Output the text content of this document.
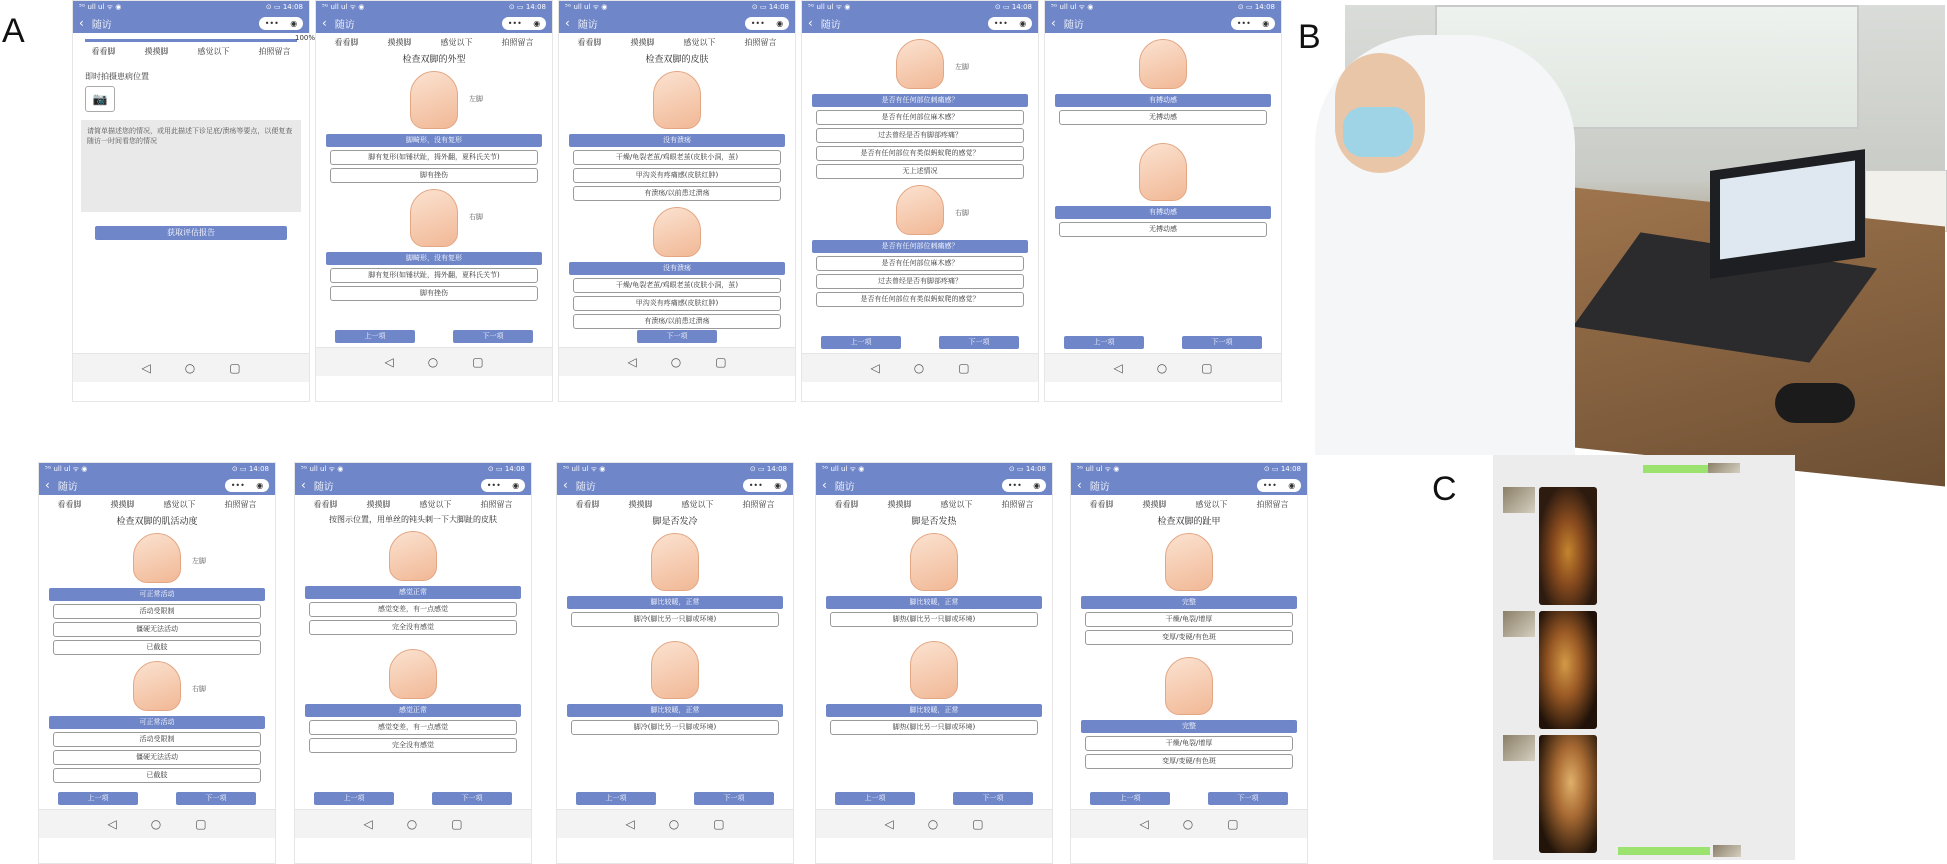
A	B
C
⁵ᴳ ull ul ᯤ ◉	⊙ ▭ 14:08
‹ 随访	••• ◉
100%
看看脚	摸摸脚	感觉以下	拍照留言
即时拍摄患病位置
📷
请简单描述您的情况，或用此描述下诊足底/溃疡等要点，以便复查随访一时间看您的情况
获取评估报告
◁	○	▢
⁵ᴳ ull ul ᯤ ◉	⊙ ▭ 14:08
‹ 随访	••• ◉
看看脚	摸摸脚	感觉以下	拍照留言
检查双脚的外型
左脚
脚畸形，没有复形
脚有复形(如锤状趾，拇外翻，夏科氏关节)
脚有挫伤
右脚
脚畸形，没有复形
脚有复形(如锤状趾，拇外翻，夏科氏关节)
脚有挫伤
上一项	下一项
◁	○	▢
⁵ᴳ ull ul ᯤ ◉	⊙ ▭ 14:08
‹ 随访	••• ◉
看看脚	摸摸脚	感觉以下	拍照留言
检查双脚的皮肤
没有溃疡
干燥/龟裂老茧/鸡眼老茧(皮肤小洞，茧)
甲沟炎有疼痛感(皮肤红肿)
有溃疡/以前患过溃疡
没有溃疡
干燥/龟裂老茧/鸡眼老茧(皮肤小洞，茧)
甲沟炎有疼痛感(皮肤红肿)
有溃疡/以前患过溃疡
下一项
◁	○	▢
⁵ᴳ ull ul ᯤ ◉	⊙ ▭ 14:08
‹ 随访	••• ◉
左脚
是否有任何部位刺痛感？
是否有任何部位麻木感？
过去曾经是否有脚部疼痛？
是否有任何部位有类似蚂蚁爬的感觉？
无上述情况
右脚
是否有任何部位刺痛感？
是否有任何部位麻木感？
过去曾经是否有脚部疼痛？
是否有任何部位有类似蚂蚁爬的感觉？
上一项	下一项
◁	○	▢
⁵ᴳ ull ul ᯤ ◉	⊙ ▭ 14:08
‹ 随访	••• ◉
有搏动感
无搏动感
有搏动感
无搏动感
上一项	下一项
◁	○	▢
⁵ᴳ ull ul ᯤ ◉	⊙ ▭ 14:08
‹ 随访	••• ◉
看看脚	摸摸脚	感觉以下	拍照留言
检查双脚的肌活动度
左脚
可正常活动
活动受限制
僵硬无法活动
已截肢
右脚
可正常活动
活动受限制
僵硬无法活动
已截肢
上一项	下一项
◁	○	▢
⁵ᴳ ull ul ᯤ ◉	⊙ ▭ 14:08
‹ 随访	••• ◉
看看脚	摸摸脚	感觉以下	拍照留言
按图示位置，用单丝的钝头刺一下大脚趾的皮肤
感觉正常
感觉变差，有一点感觉
完全没有感觉
感觉正常
感觉变差，有一点感觉
完全没有感觉
上一项	下一项
◁	○	▢
⁵ᴳ ull ul ᯤ ◉	⊙ ▭ 14:08
‹ 随访	••• ◉
看看脚	摸摸脚	感觉以下	拍照留言
脚是否发冷
脚比较暖，正常
脚冷(脚比另一只脚或环境)
脚比较暖，正常
脚冷(脚比另一只脚或环境)
上一项	下一项
◁	○	▢
⁵ᴳ ull ul ᯤ ◉	⊙ ▭ 14:08
‹ 随访	••• ◉
看看脚	摸摸脚	感觉以下	拍照留言
脚是否发热
脚比较暖，正常
脚热(脚比另一只脚或环境)
脚比较暖，正常
脚热(脚比另一只脚或环境)
上一项	下一项
◁	○	▢
⁵ᴳ ull ul ᯤ ◉	⊙ ▭ 14:08
‹ 随访	••• ◉
看看脚	摸摸脚	感觉以下	拍照留言
检查双脚的趾甲
完整
干燥/龟裂/增厚
变厚/变硬/有色斑
完整
干燥/龟裂/增厚
变厚/变硬/有色斑
上一项	下一项
◁	○	▢
